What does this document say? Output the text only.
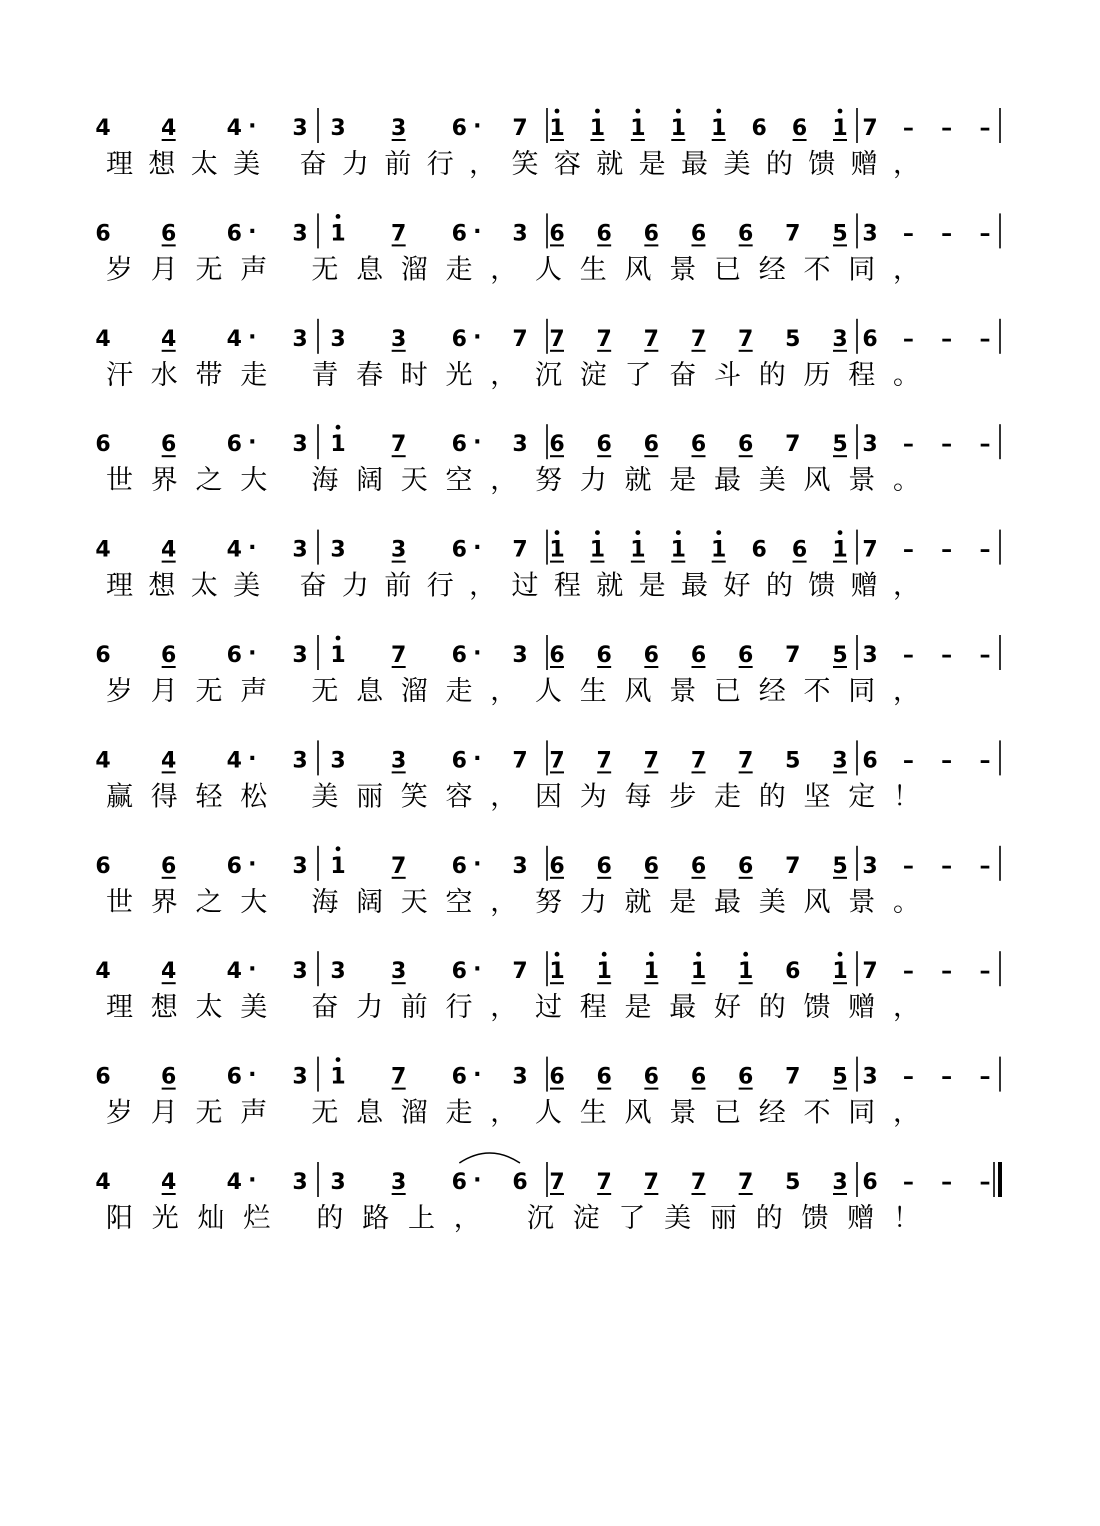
4 4 4 · 3 3 3 6 · 7 1 1 1 1 1 6 6 1 7 – – –
理想太美 奋力前行，笑容就是最美的馈赠，
6 6 6 · 3 1 7 6 · 3 6 6 6 6 6 7 5 3 – – –
岁月无声 无息溜走，人生风景已经不同，
4 4 4 · 3 3 3 6 · 7 7 7 7 7 7 5 3 6 – – –
汗水带走 青春时光，沉淀了奋斗的历程。
6 6 6 · 3 1 7 6 · 3 6 6 6 6 6 7 5 3 – – –
世界之大 海阔天空，努力就是最美风景。
4 4 4 · 3 3 3 6 · 7 1 1 1 1 1 6 6 1 7 – – –
理想太美 奋力前行，过程就是最好的馈赠，
6 6 6 · 3 1 7 6 · 3 6 6 6 6 6 7 5 3 – – –
岁月无声 无息溜走，人生风景已经不同，
4 4 4 · 3 3 3 6 · 7 7 7 7 7 7 5 3 6 – – –
赢得轻松 美丽笑容，因为每步走的坚定！
6 6 6 · 3 1 7 6 · 3 6 6 6 6 6 7 5 3 – – –
世界之大 海阔天空，努力就是最美风景。
4 4 4 · 3 3 3 6 · 7 1 1 1 1 1 6 1 7 – – –
理想太美 奋力前行，过程是最好的馈赠，
6 6 6 · 3 1 7 6 · 3 6 6 6 6 6 7 5 3 – – –
岁月无声 无息溜走，人生风景已经不同，
4 4 4 · 3 3 3 6 · 6 7 7 7 7 7 5 3 6 – – –
阳光灿烂 的路上， 沉淀了美丽的馈赠！
